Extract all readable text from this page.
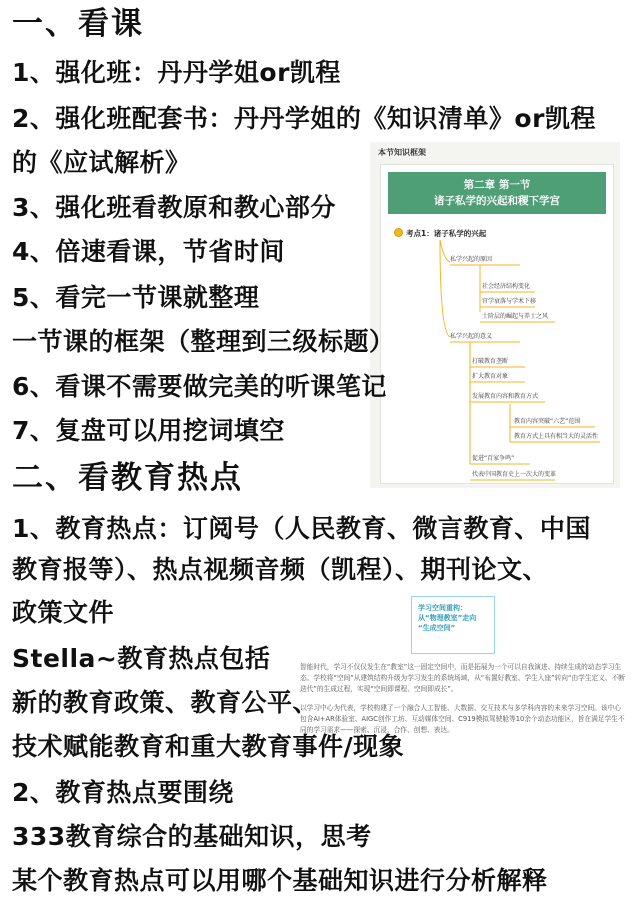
本节知识框架
第二章 第一节
诸子私学的兴起和稷下学宫
考点1：诸子私学的兴起
私学兴起的原因
社会经济结构变化
官学衰落与学术下移
士阶层的崛起与养士之风
私学兴起的意义
打破教育垄断
扩大教育对象
发展教育内容和教育方式
教育内容突破“六艺”范围
教育方式上具有相当大的灵活性
促进“百家争鸣”
代表中国教育史上一次大的变革
学习空间重构：
从“物理教室”走向
“生成空间”

智能时代，学习不仅仅发生在“教室”这一固定空间中，而是拓展为一个可以自我演进、持续生成的动态学习生态。学校将“空间”从建筑结构升级为学习发生的系统场域，从“布置好教室、学生入座”转向“由学生定义、不断迭代”的生成过程，实现“空间即课程、空间即成长”。

以学习中心为代表，学校构建了一个融合人工智能、大数据、交互技术与多学科内容的未来学习空间。该中心包含AI+AR体验室、AIGC创作工坊、互动媒体空间、C919模拟驾驶舱等10余个动态功能区，旨在满足学生不同的学习需求——探索、沉浸、合作、创想、表达。

一、看课
1、强化班：丹丹学姐or凯程
2、强化班配套书：丹丹学姐的《知识清单》or凯程
的《应试解析》
3、强化班看教原和教心部分
4、倍速看课，节省时间
5、看完一节课就整理
一节课的框架（整理到三级标题）
6、看课不需要做完美的听课笔记
7、复盘可以用挖词填空
二、看教育热点
1、教育热点：订阅号（人民教育、微言教育、中国
教育报等）、热点视频音频（凯程）、期刊论文、
政策文件
Stella~教育热点包括
新的教育政策、教育公平、
技术赋能教育和重大教育事件/现象
2、教育热点要围绕
333教育综合的基础知识，思考
某个教育热点可以用哪个基础知识进行分析解释
